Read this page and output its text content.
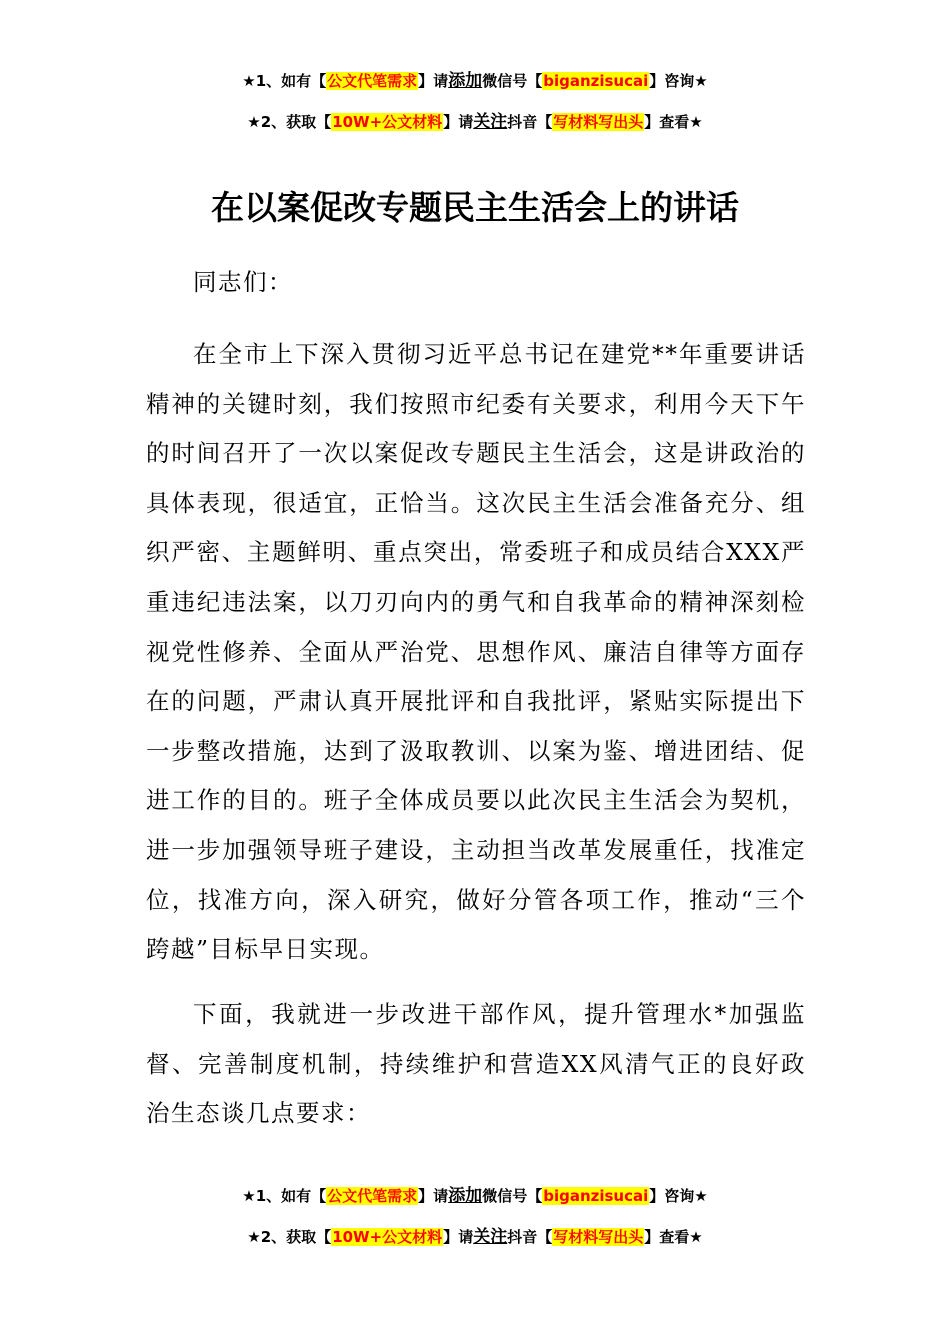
★1、如有【公文代笔需求】请添加微信号【biganzisucai】咨询★
★2、获取【10W+公文材料】请关注抖音【写材料写出头】查看★
在以案促改专题民主生活会上的讲话

同志们：

在全市上下深入贯彻习近平总书记在建党**年重要讲话精神的关键时刻，我们按照市纪委有关要求，利用今天下午的时间召开了一次以案促改专题民主生活会，这是讲政治的具体表现，很适宜，正恰当。这次民主生活会准备充分、组织严密、主题鲜明、重点突出，常委班子和成员结合XXX严重违纪违法案，以刀刃向内的勇气和自我革命的精神深刻检视党性修养、全面从严治党、思想作风、廉洁自律等方面存在的问题，严肃认真开展批评和自我批评，紧贴实际提出下一步整改措施，达到了汲取教训、以案为鉴、增进团结、促进工作的目的。班子全体成员要以此次民主生活会为契机，进一步加强领导班子建设，主动担当改革发展重任，找准定位，找准方向，深入研究，做好分管各项工作，推动“三个跨越”目标早日实现。

下面，我就进一步改进干部作风，提升管理水*加强监督、完善制度机制，持续维护和营造XX风清气正的良好政治生态谈几点要求：

★1、如有【公文代笔需求】请添加微信号【biganzisucai】咨询★
★2、获取【10W+公文材料】请关注抖音【写材料写出头】查看★
